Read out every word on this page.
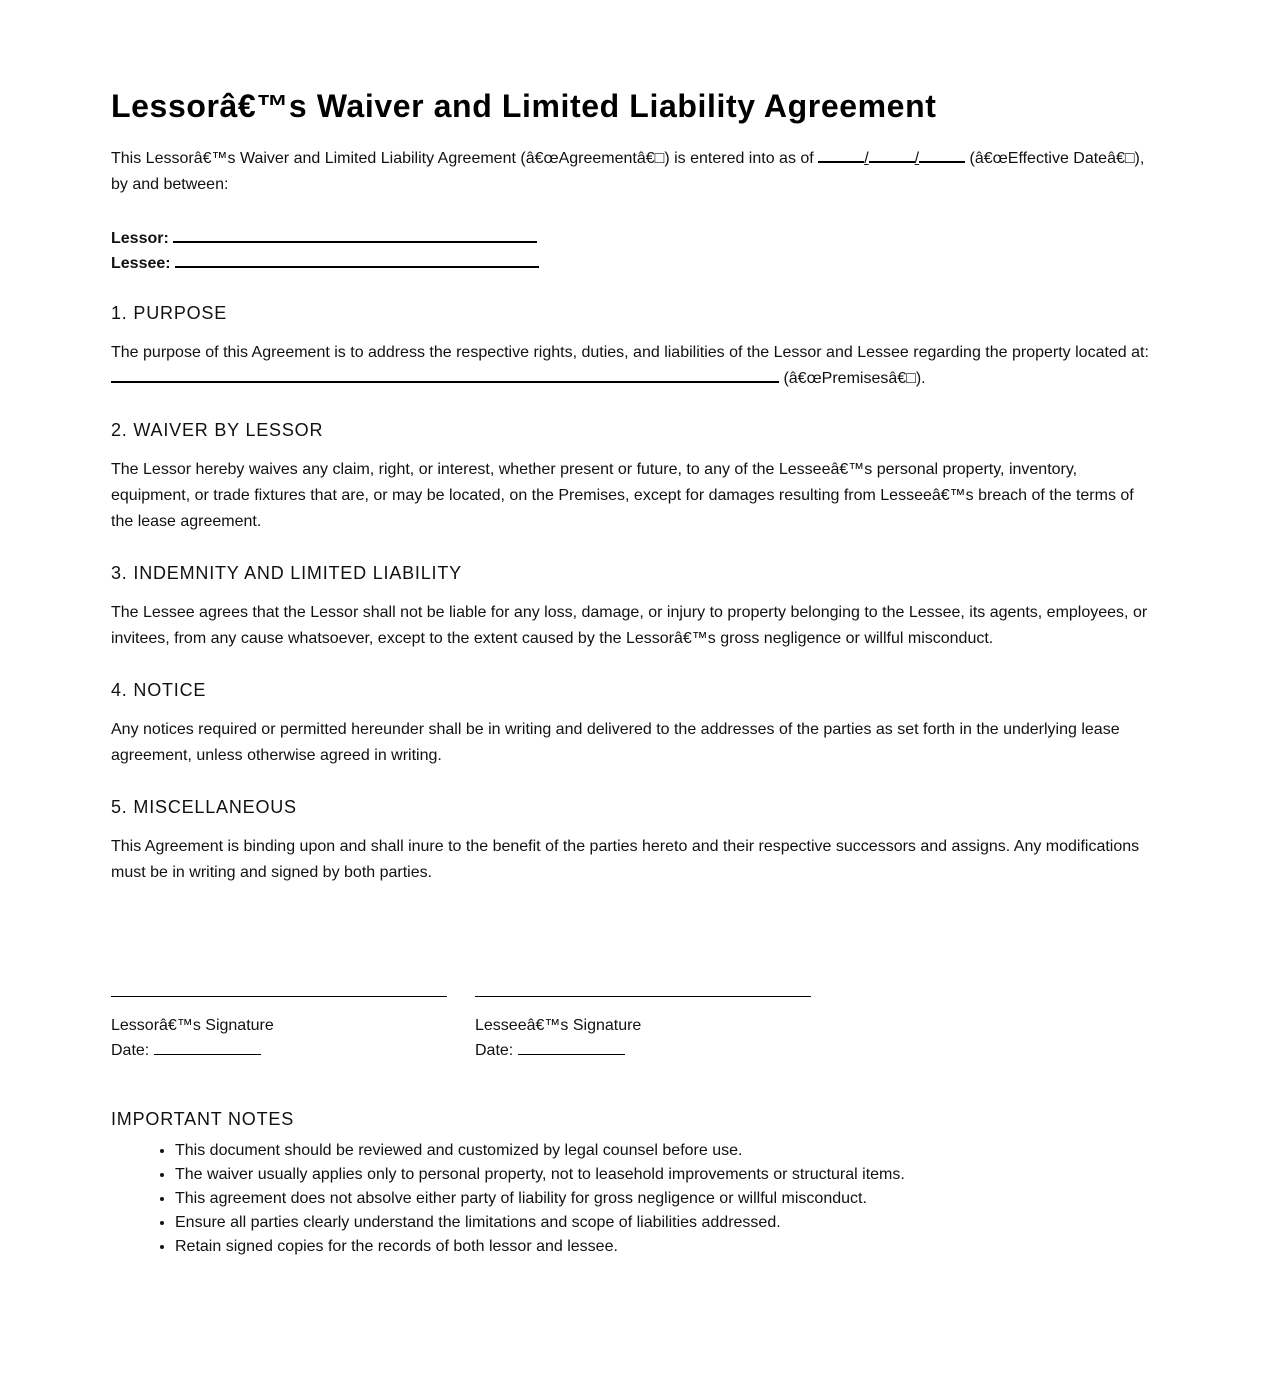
Lessorâ€™s Waiver and Limited Liability Agreement

This Lessorâ€™s Waiver and Limited Liability Agreement (â€œAgreementâ€□) is entered into as of	/	/	(â€œEffective Dateâ€□),
by and between:

Lessor:
Lessee:
1. PURPOSE

The purpose of this Agreement is to address the respective rights, duties, and liabilities of the Lessor and Lessee regarding the property located at:
(â€œPremisesâ€□).

2. WAIVER BY LESSOR

The Lessor hereby waives any claim, right, or interest, whether present or future, to any of the Lesseeâ€™s personal property, inventory, equipment, or trade fixtures that are, or may be located, on the Premises, except for damages resulting from Lesseeâ€™s breach of the terms of the lease agreement.

3. INDEMNITY AND LIMITED LIABILITY

The Lessee agrees that the Lessor shall not be liable for any loss, damage, or injury to property belonging to the Lessee, its agents, employees, or invitees, from any cause whatsoever, except to the extent caused by the Lessorâ€™s gross negligence or willful misconduct.

4. NOTICE

Any notices required or permitted hereunder shall be in writing and delivered to the addresses of the parties as set forth in the underlying lease agreement, unless otherwise agreed in writing.

5. MISCELLANEOUS

This Agreement is binding upon and shall inure to the benefit of the parties hereto and their respective successors and assigns. Any modifications must be in writing and signed by both parties.

Lessorâ€™s Signature
Date:
Lesseeâ€™s Signature
Date:
IMPORTANT NOTES
• This document should be reviewed and customized by legal counsel before use.
• The waiver usually applies only to personal property, not to leasehold improvements or structural items.
• This agreement does not absolve either party of liability for gross negligence or willful misconduct.
• Ensure all parties clearly understand the limitations and scope of liabilities addressed.
• Retain signed copies for the records of both lessor and lessee.
